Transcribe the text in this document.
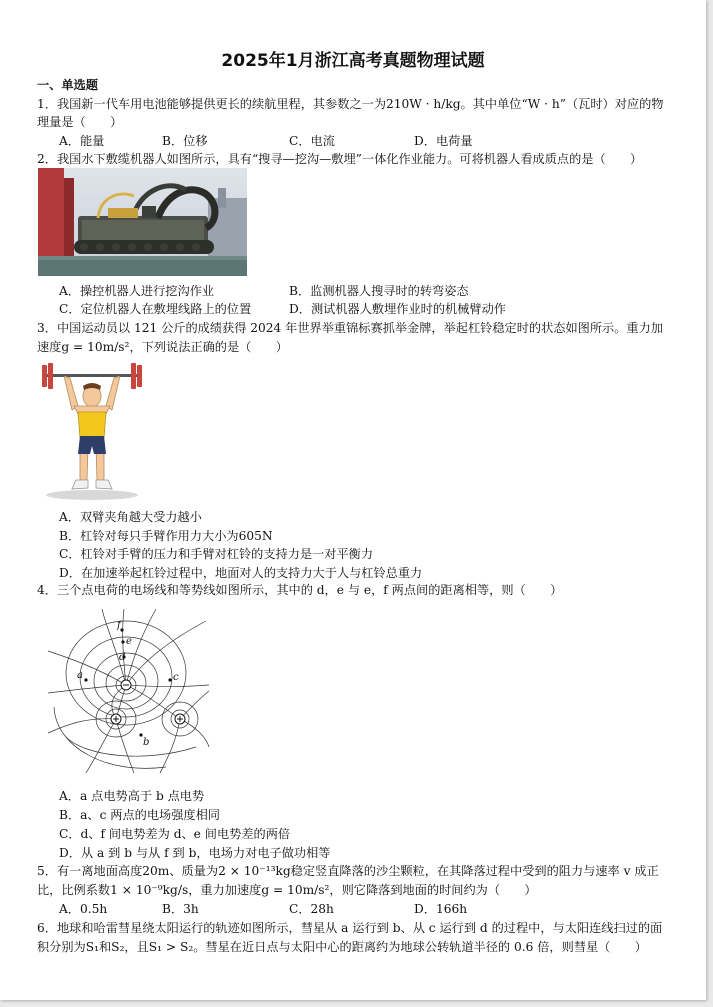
2025年1月浙江高考真题物理试题
一、单选题
1．我国新一代车用电池能够提供更长的续航里程，其参数之一为210W · h/kg。其中单位“W · h”（瓦时）对应的物
理量是（　　）
A．能量	B．位移	C．电流	D．电荷量
2．我国水下敷缆机器人如图所示，具有“搜寻—挖沟—敷埋”一体化作业能力。可将机器人看成质点的是（　　）
A．操控机器人进行挖沟作业	B．监测机器人搜寻时的转弯姿态
C．定位机器人在敷埋线路上的位置	D．测试机器人敷埋作业时的机械臂动作
3．中国运动员以 121 公斤的成绩获得 2024 年世界举重锦标赛抓举金牌，举起杠铃稳定时的状态如图所示。重力加
速度g = 10m/s²，下列说法正确的是（　　）
A．双臂夹角越大受力越小
B．杠铃对每只手臂作用力大小为605N
C．杠铃对手臂的压力和手臂对杠铃的支持力是一对平衡力
D．在加速举起杠铃过程中，地面对人的支持力大于人与杠铃总重力
4．三个点电荷的电场线和等势线如图所示，其中的 d，e 与 e，f 两点间的距离相等，则（　　）
f
e
d
a	c
b
A．a 点电势高于 b 点电势
B．a、c 两点的电场强度相同
C．d、f 间电势差为 d、e 间电势差的两倍
D．从 a 到 b 与从 f 到 b，电场力对电子做功相等
5．有一离地面高度20m、质量为2 × 10⁻¹³kg稳定竖直降落的沙尘颗粒，在其降落过程中受到的阻力与速率 v 成正
比，比例系数1 × 10⁻⁹kg/s，重力加速度g = 10m/s²，则它降落到地面的时间约为（　　）
A．0.5h	B．3h	C．28h	D．166h
6．地球和哈雷彗星绕太阳运行的轨迹如图所示，彗星从 a 运行到 b、从 c 运行到 d 的过程中，与太阳连线扫过的面
积分别为S₁和S₂，且S₁ > S₂。彗星在近日点与太阳中心的距离约为地球公转轨道半径的 0.6 倍，则彗星（　　）
